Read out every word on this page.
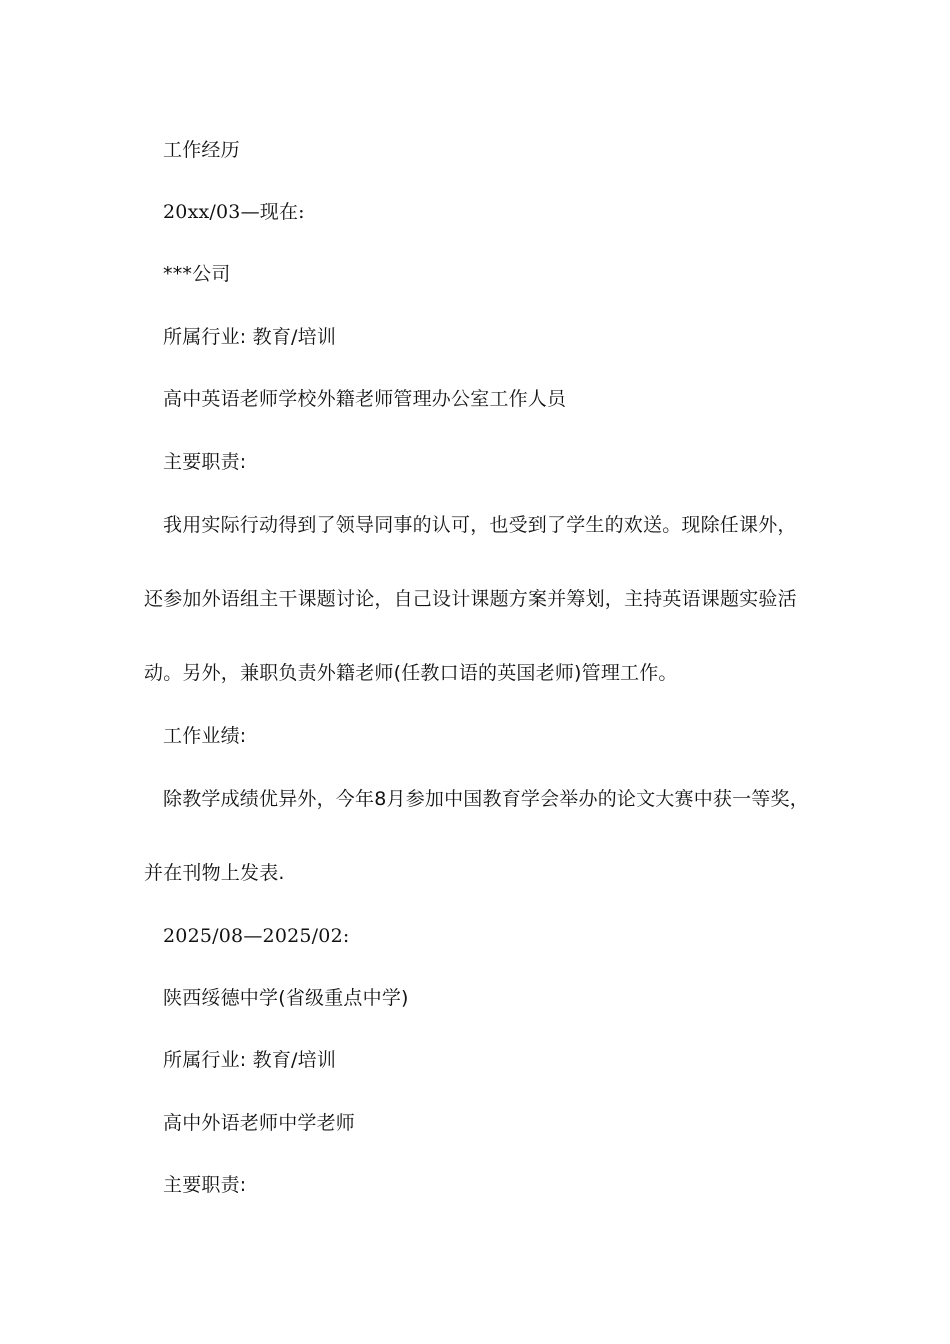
工作经历
20xx/03—现在:
***公司
所属行业: 教育/培训
高中英语老师学校外籍老师管理办公室工作人员
主要职责:
我用实际行动得到了领导同事的认可，也受到了学生的欢送。现除任课外，
还参加外语组主干课题讨论，自己设计课题方案并筹划，主持英语课题实验活
动。另外，兼职负责外籍老师(任教口语的英国老师)管理工作。
工作业绩:
除教学成绩优异外，今年8月参加中国教育学会举办的论文大赛中获一等奖，
并在刊物上发表.
2025/08—2025/02:
陕西绥德中学(省级重点中学)
所属行业: 教育/培训
高中外语老师中学老师
主要职责:
